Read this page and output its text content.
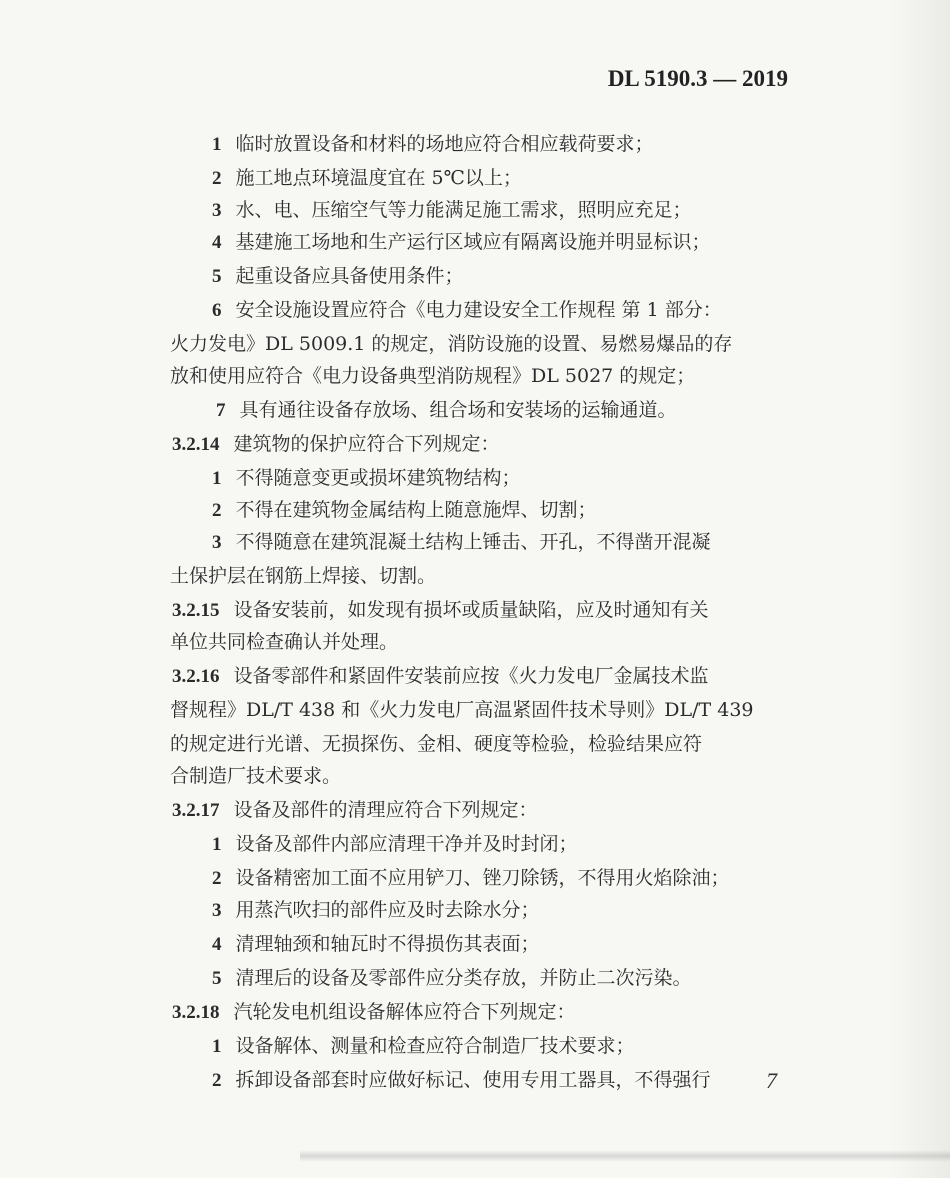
DL 5190.3 — 2019
1 临时放置设备和材料的场地应符合相应载荷要求；
2 施工地点环境温度宜在 5℃以上；
3 水、电、压缩空气等力能满足施工需求，照明应充足；
4 基建施工场地和生产运行区域应有隔离设施并明显标识；
5 起重设备应具备使用条件；
6 安全设施设置应符合《电力建设安全工作规程 第 1 部分：
火力发电》DL 5009.1 的规定，消防设施的设置、易燃易爆品的存
放和使用应符合《电力设备典型消防规程》DL 5027 的规定；
7 具有通往设备存放场、组合场和安装场的运输通道。
3.2.14 建筑物的保护应符合下列规定：
1 不得随意变更或损坏建筑物结构；
2 不得在建筑物金属结构上随意施焊、切割；
3 不得随意在建筑混凝土结构上锤击、开孔，不得凿开混凝
土保护层在钢筋上焊接、切割。
3.2.15 设备安装前，如发现有损坏或质量缺陷，应及时通知有关
单位共同检查确认并处理。
3.2.16 设备零部件和紧固件安装前应按《火力发电厂金属技术监
督规程》DL/T 438 和《火力发电厂高温紧固件技术导则》DL/T 439
的规定进行光谱、无损探伤、金相、硬度等检验，检验结果应符
合制造厂技术要求。
3.2.17 设备及部件的清理应符合下列规定：
1 设备及部件内部应清理干净并及时封闭；
2 设备精密加工面不应用铲刀、锉刀除锈，不得用火焰除油；
3 用蒸汽吹扫的部件应及时去除水分；
4 清理轴颈和轴瓦时不得损伤其表面；
5 清理后的设备及零部件应分类存放，并防止二次污染。
3.2.18 汽轮发电机组设备解体应符合下列规定：
1 设备解体、测量和检查应符合制造厂技术要求；
2 拆卸设备部套时应做好标记、使用专用工器具，不得强行	7
